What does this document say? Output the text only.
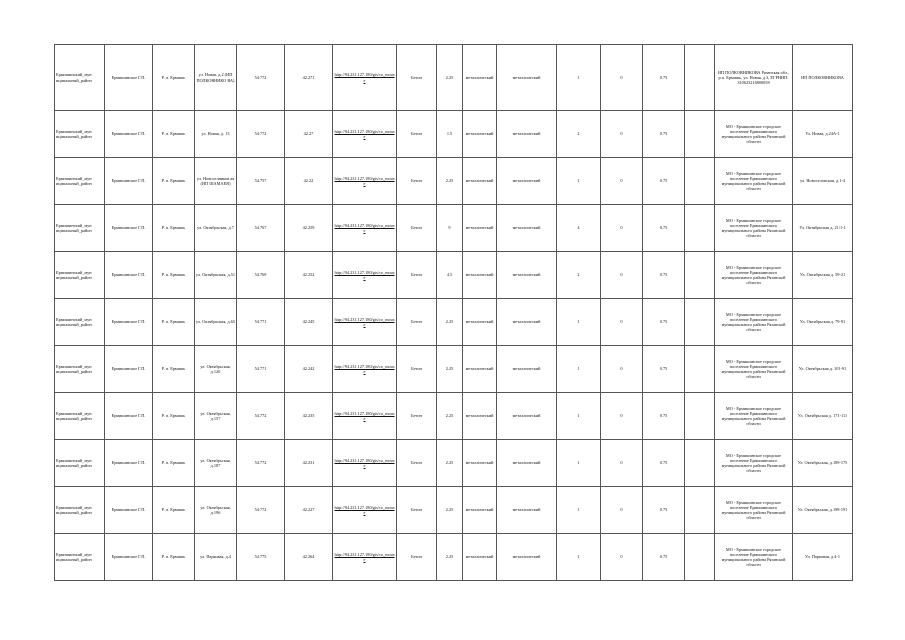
Ермишинский_мун иципальный_район	Ермишинское Г.П.	Р. п. Ермишь	ул. Новая, д.2 (ИП ПОЛКОВНИКО ВА)	54.772	42.271	http://94.231.127.180/gis/co_mouse	Бетон	2.25	металлический	металлический	1	0	0.75		ИП ПОЛКОВНИКОВА Рязанская обл., р.п. Ермишь, ул. Новая, д.3, ЕГРНИП: 310623216800058	ИП ПОЛКОВНИКОВА
Ермишинский_мун иципальный_район	Ермишинское Г.П.	Р. п. Ермишь	ул. Новая, д. 13	54.772	42.27	http://94.231.127.180/gis/co_mouse	Бетон	1.5	металлический	металлический	2	0	0.75		МО - Ермишинское городское поселение Ермишинского муниципального района Рязанской области	Ул. Новая, д.24А-1
Ермишинский_мун иципальный_район	Ермишинское Г.П.	Р. п. Ермишь	ул. Новоселников ая (ИП ШАМАЕВ)	54.757	42.22	http://94.231.127.180/gis/co_mouse	Бетон	2.25	металлический	металлический	1	0	0.75		МО - Ермишинское городское поселение Ермишинского муниципального района Рязанской области	ул. Новоселовская, д.1-4
Ермишинский_мун иципальный_район	Ермишинское Г.П.	Р. п. Ермишь	ул. Октябрьская, д.7	54.767	42.259	http://94.231.127.180/gis/co_mouse	Бетон	9	металлический	металлический	4	0	0.75		МО - Ермишинское городское поселение Ермишинского муниципального района Рязанской области	Ул. Октябрьская д. 21/1-1
Ермишинский_мун иципальный_район	Ермишинское Г.П.	Р. п. Ермишь	ул. Октябрьская, д.51	54.769	42.252	http://94.231.127.180/gis/co_mouse	Бетон	4.5	металлический	металлический	2	0	0.75		МО - Ермишинское городское поселение Ермишинского муниципального района Рязанской области	Ул. Октябрьская д. 59-21
Ермишинский_мун иципальный_район	Ермишинское Г.П.	Р. п. Ермишь	ул. Октябрьская, д.65	54.771	42.245	http://94.231.127.180/gis/co_mouse	Бетон	2.25	металлический	металлический	1	0	0.75		МО - Ермишинское городское поселение Ермишинского муниципального района Рязанской области	Ул. Октябрьская д. 79-91
Ермишинский_мун иципальный_район	Ермишинское Г.П.	Р. п. Ермишь	ул. Октябрьская, д.120	54.771	42.242	http://94.231.127.180/gis/co_mouse	Бетон	2.25	металлический	металлический	1	0	0.75		МО - Ермишинское городское поселение Ермишинского муниципального района Рязанской области	Ул. Октябрьская д. 101-91
Ермишинский_мун иципальный_район	Ермишинское Г.П.	Р. п. Ермишь	ул. Октябрьская, д.157	54.772	42.235	http://94.231.127.180/gis/co_mouse	Бетон	2.25	металлический	металлический	1	0	0.75		МО - Ермишинское городское поселение Ермишинского муниципального района Рязанской области	Ул. Октябрьская д. 171-111
Ермишинский_мун иципальный_район	Ермишинское Г.П.	Р. п. Ермишь	ул. Октябрьская, д.187	54.772	42.231	http://94.231.127.180/gis/co_mouse	Бетон	2.25	металлический	металлический	1	0	0.75		МО - Ермишинское городское поселение Ермишинского муниципального района Рязанской области	Ул. Октябрьская, д.189-175
Ермишинский_мун иципальный_район	Ермишинское Г.П.	Р. п. Ермишь	ул. Октябрьская, д.196	54.772	42.227	http://94.231.127.180/gis/co_mouse	Бетон	2.25	металлический	металлический	1	0	0.75		МО - Ермишинское городское поселение Ермишинского муниципального района Рязанской области	Ул. Октябрьская, д.198-191
Ермишинский_мун иципальный_район	Ермишинское Г.П.	Р. п. Ермишь	ул. Парковая, д.4	54.775	42.264	http://94.231.127.180/gis/co_mouse	Бетон	2.25	металлический	металлический	1	0	0.75		МО - Ермишинское городское поселение Ермишинского муниципального района Рязанской области	Ул. Парковая, д.4-1
